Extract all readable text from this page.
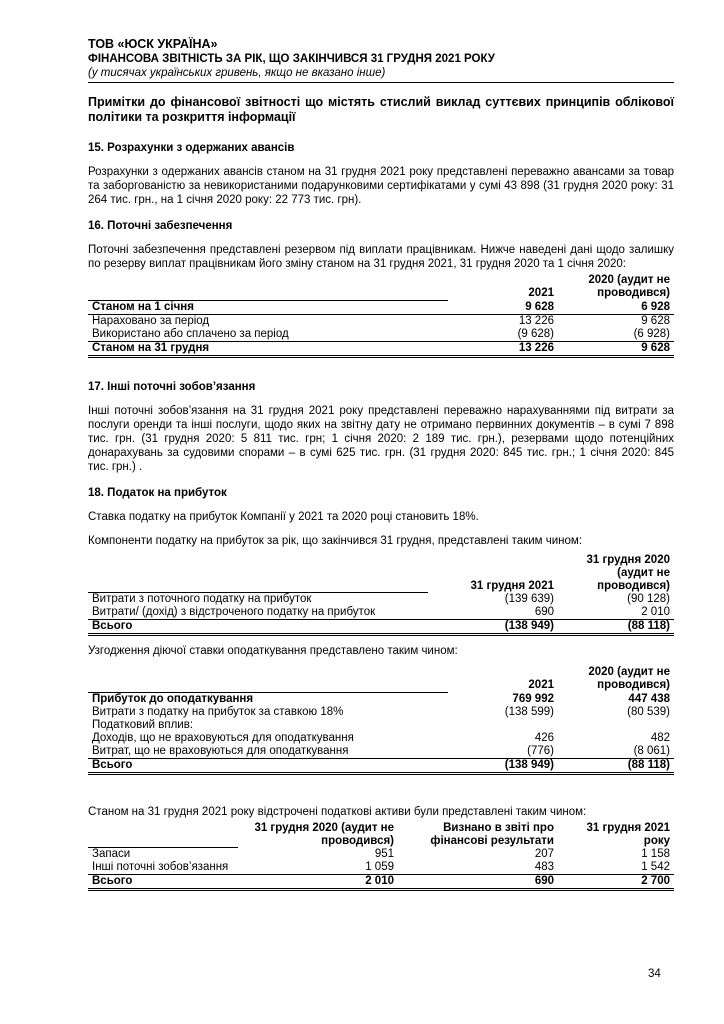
ТОВ «ЮСК УКРАЇНА»
ФІНАНСОВА ЗВІТНІСТЬ ЗА РІК, ЩО ЗАКІНЧИВСЯ 31 ГРУДНЯ 2021 РОКУ
(у тисячах українських гривень, якщо не вказано інше)
Примітки до фінансової звітності що містять стислий виклад суттєвих принципів облікової політики та розкриття інформації
15. Розрахунки з одержаних авансів

Розрахунки з одержаних авансів станом на 31 грудня 2021 року представлені переважно авансами за товар та заборгованістю за невикористаними подарунковими сертифікатами у сумі 43 898 (31 грудня 2020 року: 31 264 тис. грн., на 1 січня 2020 року: 22 773 тис. грн).

16. Поточні забезпечення

Поточні забезпечення представлені резервом під виплати працівникам. Нижче наведені дані щодо залишку по резерву виплат працівникам його зміну станом на 31 грудня 2021, 31 грудня 2020 та 1 січня 2020:

	2021	2020 (аудит не проводився)
Станом на 1 січня	9 628	6 928
Нараховано за період	13 226	9 628
Використано або сплачено за період	(9 628)	(6 928)
Станом на 31 грудня	13 226	9 628
17. Інші поточні зобов’язання

Інші поточні зобов’язання на 31 грудня 2021 року представлені переважно нарахуваннями під витрати за послуги оренди та інші послуги, щодо яких на звітну дату не отримано первинних документів – в сумі 7 898 тис. грн. (31 грудня 2020: 5 811 тис. грн; 1 січня 2020: 2 189 тис. грн.), резервами щодо потенційних донарахувань за судовими спорами – в сумі 625 тис. грн. (31 грудня 2020: 845 тис. грн.; 1 січня 2020: 845 тис. грн.) .

18. Податок на прибуток

Ставка податку на прибуток Компанії у 2021 та 2020 році становить 18%.

Компоненти податку на прибуток за рік, що закінчився 31 грудня, представлені таким чином:

	31 грудня 2021	31 грудня 2020 (аудит не проводився)
Витрати з поточного податку на прибуток	(139 639)	(90 128)
Витрати/ (дохід) з відстроченого податку на прибуток	690	2 010
Всього	(138 949)	(88 118)

Узгодження діючої ставки оподаткування представлено таким чином:

	2021	2020 (аудит не проводився)
Прибуток до оподаткування	769 992	447 438
Витрати з податку на прибуток за ставкою 18%	(138 599)	(80 539)
Податковий вплив:		
Доходів, що не враховуються для оподаткування	426	482
Витрат, що не враховуються для оподаткування	(776)	(8 061)
Всього	(138 949)	(88 118)

Станом на 31 грудня 2021 року відстрочені податкові активи були представлені таким чином:

	31 грудня 2020 (аудит не проводився)	Визнано в звіті про фінансові результати	31 грудня 2021 року
Запаси	951	207	1 158
Інші поточні зобов’язання	1 059	483	1 542
Всього	2 010	690	2 700
34
